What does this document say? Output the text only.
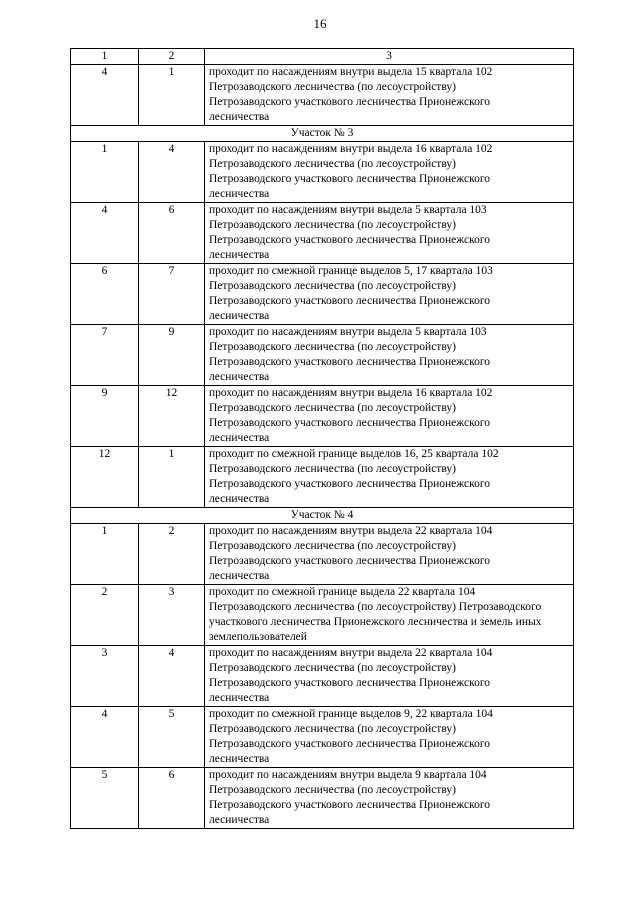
16
1	2	3
4	1	проходит по насаждениям внутри выдела 15 квартала 102
Петрозаводского лесничества (по лесоустройству)
Петрозаводского участкового лесничества Прионежского
лесничества

Участок № 3		
1	4	проходит по насаждениям внутри выдела 16 квартала 102
Петрозаводского лесничества (по лесоустройству)
Петрозаводского участкового лесничества Прионежского
лесничества

4	6	проходит по насаждениям внутри выдела 5 квартала 103
Петрозаводского лесничества (по лесоустройству)
Петрозаводского участкового лесничества Прионежского
лесничества

6	7	проходит по смежной границе выделов 5, 17 квартала 103
Петрозаводского лесничества (по лесоустройству)
Петрозаводского участкового лесничества Прионежского
лесничества

7	9	проходит по насаждениям внутри выдела 5 квартала 103
Петрозаводского лесничества (по лесоустройству)
Петрозаводского участкового лесничества Прионежского
лесничества

9	12	проходит по насаждениям внутри выдела 16 квартала 102
Петрозаводского лесничества (по лесоустройству)
Петрозаводского участкового лесничества Прионежского
лесничества

12	1	проходит по смежной границе выделов 16, 25 квартала 102
Петрозаводского лесничества (по лесоустройству)
Петрозаводского участкового лесничества Прионежского
лесничества

Участок № 4		
1	2	проходит по насаждениям внутри выдела 22 квартала 104
Петрозаводского лесничества (по лесоустройству)
Петрозаводского участкового лесничества Прионежского
лесничества

2	3	проходит по смежной границе выдела 22 квартала 104
Петрозаводского лесничества (по лесоустройству) Петрозаводского
участкового лесничества Прионежского лесничества и земель иных
землепользователей

3	4	проходит по насаждениям внутри выдела 22 квартала 104
Петрозаводского лесничества (по лесоустройству)
Петрозаводского участкового лесничества Прионежского
лесничества

4	5	проходит по смежной границе выделов 9, 22 квартала 104
Петрозаводского лесничества (по лесоустройству)
Петрозаводского участкового лесничества Прионежского
лесничества

5	6	проходит по насаждениям внутри выдела 9 квартала 104
Петрозаводского лесничества (по лесоустройству)
Петрозаводского участкового лесничества Прионежского
лесничества
